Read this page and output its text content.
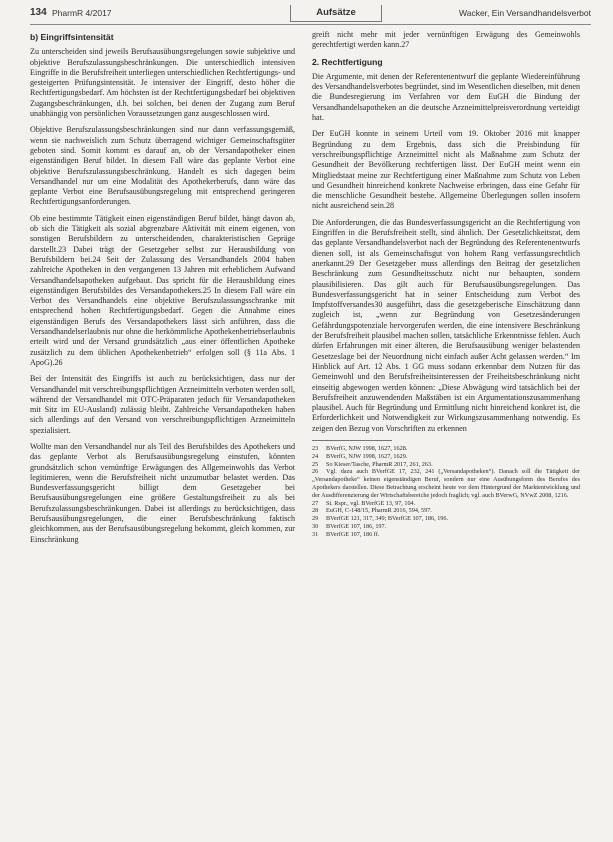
134 PharmR 4/2017	Aufsätze	Wacker, Ein Versandhandelsverbot
b) Eingriffsintensität

Zu unterscheiden sind jeweils Berufsausübungsregelungen sowie subjektive und objektive Berufszulassungsbeschränkungen. Die unterschiedlich intensiven Eingriffe in die Berufsfreiheit unterliegen unterschiedlichen Rechtfertigungs- und gesteigerten Prüfungsintensität. Je intensiver der Eingriff, desto höher die Rechtfertigungsbedarf. Am höchsten ist der Rechtfertigungsbedarf bei objektiven Zugangsbeschränkungen, d.h. bei solchen, bei denen der Zugang zum Beruf unabhängig von persönlichen Voraussetzungen ganz ausgeschlossen wird.

Objektive Berufszulassungsbeschränkungen sind nur dann verfassungsgemäß, wenn sie nachweislich zum Schutz überragend wichtiger Gemeinschaftsgüter geboten sind. Somit kommt es darauf an, ob der Versandapotheker einen eigenständigen Beruf bildet. In diesem Fall wäre das geplante Verbot eine objektive Berufszulassungsbeschränkung. Handelt es sich dagegen beim Versandhandel nur um eine Modalität des Apothekerberufs, dann wäre das geplante Verbot eine Berufsausübungsregelung mit entsprechend geringeren Rechtfertigungsanforderungen.

Ob eine bestimmte Tätigkeit einen eigenständigen Beruf bildet, hängt davon ab, ob sich die Tätigkeit als sozial abgrenzbare Aktivität mit einem eigenen, von sonstigen Berufsbildern zu unterscheidenden, charakteristischen Gepräge darstellt.23 Dabei trägt der Gesetzgeber selbst zur Herausbildung von Berufsbildern bei.24 Seit der Zulassung des Versandhandels 2004 haben zahlreiche Apotheken in den vergangenen 13 Jahren mit erheblichem Aufwand Versandhandelsapotheken aufgebaut. Das spricht für die Herausbildung eines eigenständigen Berufsbildes des Versandapothekers.25 In diesem Fall wäre ein Verbot des Versandhandels eine objektive Berufszulassungsschranke mit entsprechend hohen Rechtfertigungsbedarf. Gegen die Annahme eines eigenständigen Berufs des Versandapothekers lässt sich anführen, dass die Versandhandelserlaubnis nur ohne die herkömmliche Apothekenbetriebserlaubnis erteilt wird und der Versand grundsätzlich „aus einer öffentlichen Apotheke zusätzlich zu dem üblichen Apothekenbetrieb“ erfolgen soll (§ 11a Abs. 1 ApoG).26

Bei der Intensität des Eingriffs ist auch zu berücksichtigen, dass nur der Versandhandel mit verschreibungspflichtigen Arzneimitteln verboten werden soll, während der Versandhandel mit OTC-Präparaten jedoch für Versandapotheken mit Sitz im EU-Ausland) zulässig bleibt. Zahlreiche Versandapotheken haben sich allerdings auf den Versand von verschreibungspflichtigen Arzneimitteln spezialisiert.

Wollte man den Versandhandel nur als Teil des Berufsbildes des Apothekers und das geplante Verbot als Berufsausübungsregelung einstufen, könnten grundsätzlich schon vernünftige Erwägungen des Allgemeinwohls das Verbot legitimieren, wenn die Berufsfreiheit nicht unzumutbar belastet werden. Das Bundesverfassungsgericht billigt dem Gesetzgeber bei Berufsausübungsregelungen eine größere Gestaltungsfreiheit zu als bei Berufszulassungsbeschränkungen. Dabei ist allerdings zu berücksichtigen, dass Berufsausübungsregelungen, die einer Berufsbeschränkung faktisch gleichkommen, aus der Berufsausübungsregelung bekommt, gleich kommen, zur Einschränkung

greift nicht mehr mit jeder vernünftigen Erwägung des Gemeinwohls gerechtfertigt werden kann.27

2. Rechtfertigung

Die Argumente, mit denen der Referentenentwurf die geplante Wiedereinführung des Versandhandelsverbotes begründet, sind im Wesentlichen dieselben, mit denen die Bundesregierung im Verfahren vor dem EuGH die Bindung der Versandhandelsapotheken an die deutsche Arzneimittelpreisverordnung verteidigt hat.

Der EuGH konnte in seinem Urteil vom 19. Oktober 2016 mit knapper Begründung zu dem Ergebnis, dass sich die Preisbindung für verschreibungspflichtige Arzneimittel nicht als Maßnahme zum Schutz der Gesundheit der Bevölkerung rechtfertigen lässt. Der EuGH meint wenn ein Mitgliedstaat meine zur Rechtfertigung einer Maßnahme zum Schutz von Leben und Gesundheit hinreichend konkrete Nachweise erbringen, dass eine Gefahr für die menschliche Gesundheit bestehe. Allgemeine Überlegungen sollen insofern nicht ausreichend sein.28

Die Anforderungen, die das Bundesverfassungsgericht an die Rechtfertigung von Eingriffen in die Berufsfreiheit stellt, sind ähnlich. Der Gesetzlichkeitsrat, dem das geplante Versandhandelsverbot nach der Begründung des Referentenentwurfs dienen soll, ist als Gemeinschaftsgut von hohem Rang verfassungsrechtlich anerkannt.29 Der Gesetzgeber muss allerdings den Beitrag der gesetzlichen Beschränkung zum Gesundheitsschutz nicht nur behaupten, sondern plausibilisieren. Das gilt auch für Berufsausübungsregelungen. Das Bundesverfassungsgericht hat in seiner Entscheidung zum Verbot des Impfstoffversandes30 ausgeführt, dass die gesetzgeberische Einschätzung dann zugleich ist, „wenn zur Begründung von Gesetzesänderungen Gefährdungspotenziale hervorgerufen werden, die eine intensivere Beschränkung der Berufsfreiheit plausibel machen sollen, tatsächliche Erkenntnisse fehlen. Auch dürfen Erfahrungen mit einer älteren, die Berufsausübung weniger belastenden Gesetzeslage bei der Neuordnung nicht einfach außer Acht gelassen werden.“ Im Hinblick auf Art. 12 Abs. 1 GG muss sodann erkennbar dem Nutzen für das Gemeinwohl und den Berufsfreiheitsinteressen der Freiheitsbeschränkung nicht einseitig abgewogen werden können: „Diese Abwägung wird tatsächlich bei der Berufsfreiheit anzuwendenden Maßstäben ist ein Argumentationszusammenhang plausibel. Auch für Begründung und Ermittlung nicht hinreichend konkret ist, die Erforderlichkeit und Notwendigkeit zur Wirkungszusammenhang notwendig. Es zeigen den Bezug von Vorschriften zu erkennen

23 BVerfG, NJW 1998, 1627, 1628.
24 BVerfG, NJW 1998, 1627, 1629.
25 So Kieser/Tasche, PharmR 2017, 261, 263.
26 Vgl. dazu auch BVerfGE 17, 232, 241 („Versandapotheken“). Danach soll die Tätigkeit der „Versandapotheke“ keinen eigenständigen Beruf, sondern nur eine Ausübungsform des Berufes des Apothekers darstellen. Diese Betrachtung erscheint heute vor dem Hintergrund der Marktentwicklung und der Ausdifferenzierung der Wirtschaftsbereiche jedoch fraglich; vgl. auch BVerwG, NVwZ 2008, 1216.
27 St. Rspr., vgl. BVerfGE 13, 97, 104.
28 EuGH, C-148/15, PharmR 2016, 594, 597.
29 BVerfGE 121, 317, 349; BVerfGE 107, 186, 196.
30 BVerfGE 107, 186, 197.
31 BVerfGE 107, 186 ff.
